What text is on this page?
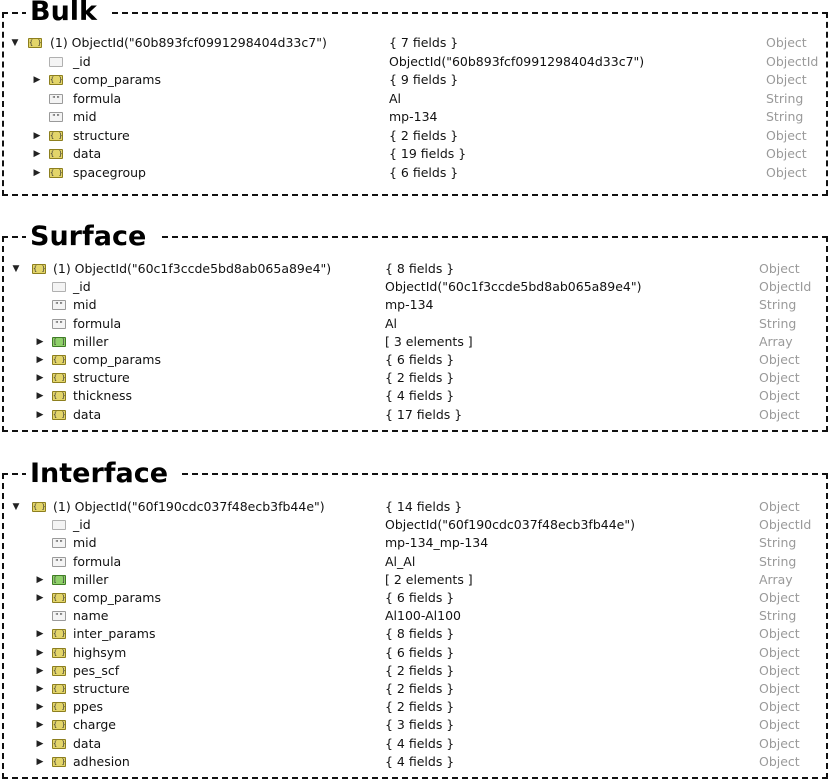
Bulk
▼ { } (1) ObjectId("60b893fcf0991298404d33c7")	{ 7 fields }	Object
_id	ObjectId("60b893fcf0991298404d33c7")	ObjectId
▶ { } comp_params	{ 9 fields }	Object
"" formula	Al	String
"" mid	mp-134	String
▶ { } structure	{ 2 fields }	Object
▶ { } data	{ 19 fields }	Object
▶ { } spacegroup	{ 6 fields }	Object
Surface
▼ { } (1) ObjectId("60c1f3ccde5bd8ab065a89e4")	{ 8 fields }	Object
_id	ObjectId("60c1f3ccde5bd8ab065a89e4")	ObjectId
"" mid	mp-134	String
"" formula	Al	String
▶ [ ] miller	[ 3 elements ]	Array
▶ { } comp_params	{ 6 fields }	Object
▶ { } structure	{ 2 fields }	Object
▶ { } thickness	{ 4 fields }	Object
▶ { } data	{ 17 fields }	Object
Interface
▼ { } (1) ObjectId("60f190cdc037f48ecb3fb44e")	{ 14 fields }	Object
_id	ObjectId("60f190cdc037f48ecb3fb44e")	ObjectId
"" mid	mp-134_mp-134	String
"" formula	Al_Al	String
▶ [ ] miller	[ 2 elements ]	Array
▶ { } comp_params	{ 6 fields }	Object
"" name	Al100-Al100	String
▶ { } inter_params	{ 8 fields }	Object
▶ { } highsym	{ 6 fields }	Object
▶ { } pes_scf	{ 2 fields }	Object
▶ { } structure	{ 2 fields }	Object
▶ { } ppes	{ 2 fields }	Object
▶ { } charge	{ 3 fields }	Object
▶ { } data	{ 4 fields }	Object
▶ { } adhesion	{ 4 fields }	Object
